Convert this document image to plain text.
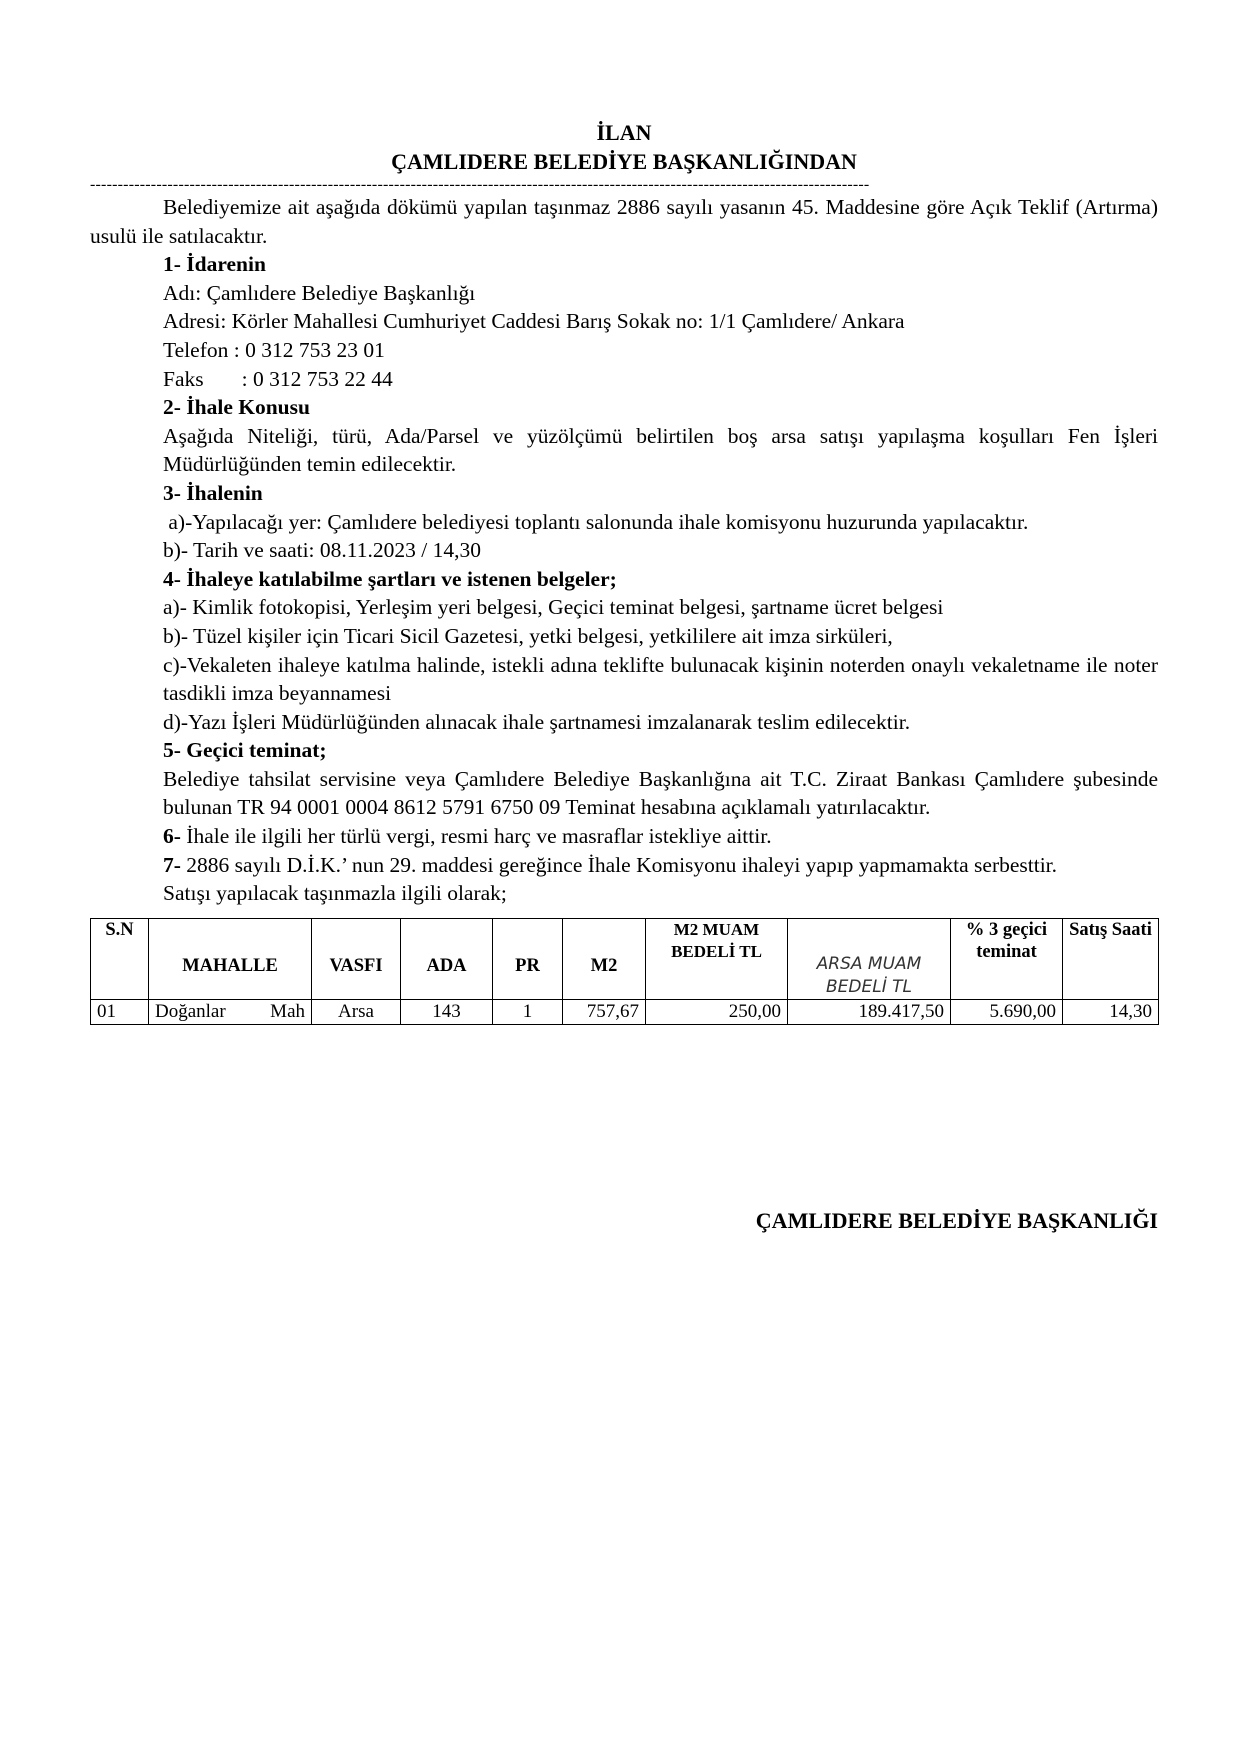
İLAN
ÇAMLIDERE BELEDİYE BAŞKANLIĞINDAN
---------------------------------------------------------------------------------------------------------------------------------------------
Belediyemize ait aşağıda dökümü yapılan taşınmaz 2886 sayılı yasanın 45. Maddesine göre Açık Teklif (Artırma) usulü ile satılacaktır.
1- İdarenin
Adı: Çamlıdere Belediye Başkanlığı
Adresi: Körler Mahallesi Cumhuriyet Caddesi Barış Sokak no: 1/1 Çamlıdere/ Ankara
Telefon : 0 312 753 23 01
Faks : 0 312 753 22 44
2- İhale Konusu
Aşağıda Niteliği, türü, Ada/Parsel ve yüzölçümü belirtilen boş arsa satışı yapılaşma koşulları Fen İşleri Müdürlüğünden temin edilecektir.
3- İhalenin
a)-Yapılacağı yer: Çamlıdere belediyesi toplantı salonunda ihale komisyonu huzurunda yapılacaktır.
b)- Tarih ve saati: 08.11.2023 / 14,30
4- İhaleye katılabilme şartları ve istenen belgeler;
a)- Kimlik fotokopisi, Yerleşim yeri belgesi, Geçici teminat belgesi, şartname ücret belgesi
b)- Tüzel kişiler için Ticari Sicil Gazetesi, yetki belgesi, yetkililere ait imza sirküleri,
c)-Vekaleten ihaleye katılma halinde, istekli adına teklifte bulunacak kişinin noterden onaylı vekaletname ile noter tasdikli imza beyannamesi
d)-Yazı İşleri Müdürlüğünden alınacak ihale şartnamesi imzalanarak teslim edilecektir.
5- Geçici teminat;
Belediye tahsilat servisine veya Çamlıdere Belediye Başkanlığına ait T.C. Ziraat Bankası Çamlıdere şubesinde bulunan TR 94 0001 0004 8612 5791 6750 09 Teminat hesabına açıklamalı yatırılacaktır.
6- İhale ile ilgili her türlü vergi, resmi harç ve masraflar istekliye aittir.
7- 2886 sayılı D.İ.K.’ nun 29. maddesi gereğince İhale Komisyonu ihaleyi yapıp yapmamakta serbesttir.
Satışı yapılacak taşınmazla ilgili olarak;
S.N	MAHALLE	VASFI	ADA	PR	M2	M2 MUAM BEDELİ TL	ARSA MUAM BEDELİ TL	% 3 geçici teminat	Satış Saati
01	Doğanlar Mah	Arsa	143	1	757,67	250,00	189.417,50	5.690,00	14,30
ÇAMLIDERE BELEDİYE BAŞKANLIĞI
